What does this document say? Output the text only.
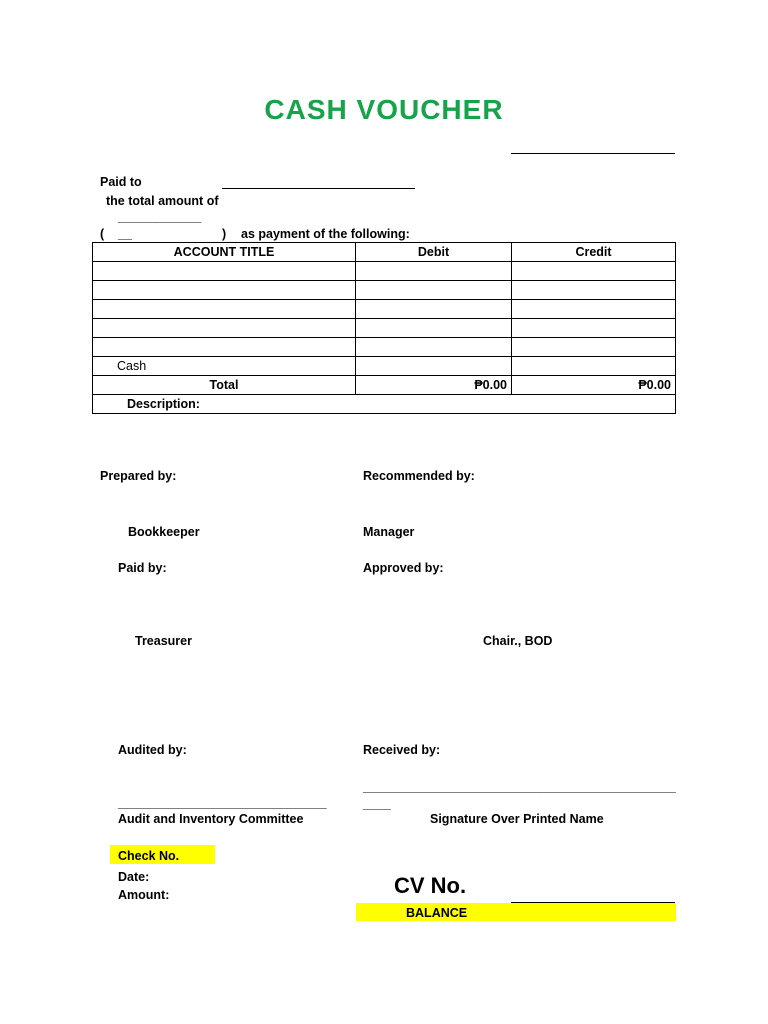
CASH VOUCHER
Paid to
the total amount of
____________
( __	) as payment of the following:
ACCOUNT TITLE	Debit	Credit

Cash		
Total	₱0.00	₱0.00
Description:		
Prepared by:
Bookkeeper
Recommended by:
Manager
Paid by:
Treasurer
Approved by:
Chair., BOD
Audited by:
______________________________
Audit and Inventory Committee
Received by:
_____________________________________________
____
Signature Over Printed Name
Check No.
Date:
Amount:	CV No.
BALANCE
